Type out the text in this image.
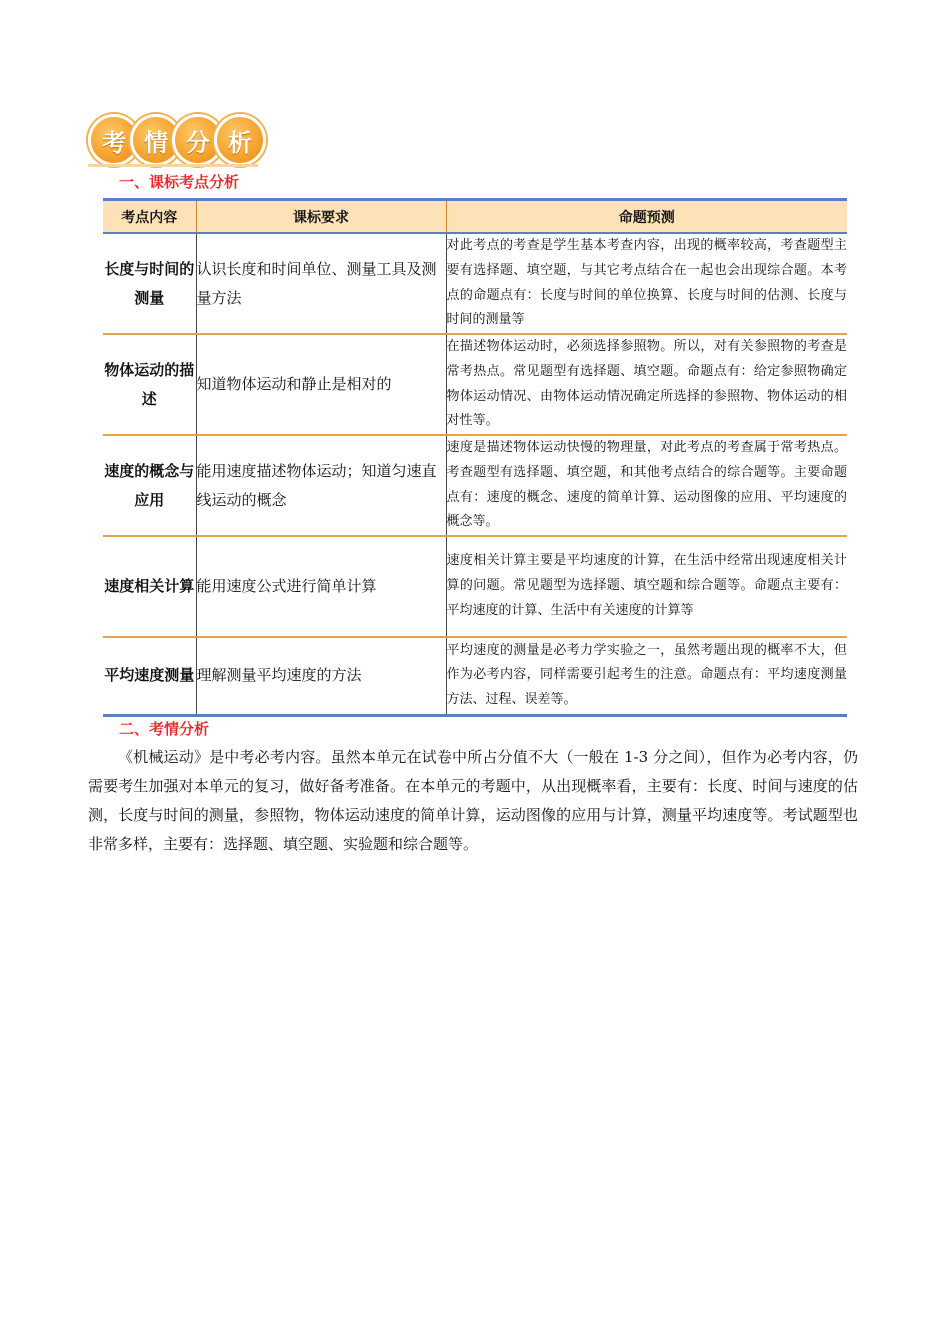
考 情 分 析
一、课标考点分析
考点内容	课标要求	命题预测
长度与时间的测量	认识长度和时间单位、测量工具及测量方法	对此考点的考查是学生基本考查内容，出现的概率较高，考查题型主要有选择题、填空题，与其它考点结合在一起也会出现综合题。本考点的命题点有：长度与时间的单位换算、长度与时间的估测、长度与时间的测量等
物体运动的描述	知道物体运动和静止是相对的	在描述物体运动时，必须选择参照物。所以，对有关参照物的考查是常考热点。常见题型有选择题、填空题。命题点有：给定参照物确定物体运动情况、由物体运动情况确定所选择的参照物、物体运动的相对性等。
速度的概念与应用	能用速度描述物体运动；知道匀速直线运动的概念	速度是描述物体运动快慢的物理量，对此考点的考查属于常考热点。考查题型有选择题、填空题，和其他考点结合的综合题等。主要命题点有：速度的概念、速度的简单计算、运动图像的应用、平均速度的概念等。
速度相关计算	能用速度公式进行简单计算	速度相关计算主要是平均速度的计算，在生活中经常出现速度相关计算的问题。常见题型为选择题、填空题和综合题等。命题点主要有：平均速度的计算、生活中有关速度的计算等
平均速度测量	理解测量平均速度的方法	平均速度的测量是必考力学实验之一，虽然考题出现的概率不大，但作为必考内容，同样需要引起考生的注意。命题点有：平均速度测量方法、过程、误差等。
二、考情分析
《机械运动》是中考必考内容。虽然本单元在试卷中所占分值不大（一般在 1-3 分之间），但作为必考内容，仍需要考生加强对本单元的复习，做好备考准备。在本单元的考题中，从出现概率看，主要有：长度、时间与速度的估测，长度与时间的测量，参照物，物体运动速度的简单计算，运动图像的应用与计算，测量平均速度等。考试题型也非常多样，主要有：选择题、填空题、实验题和综合题等。
